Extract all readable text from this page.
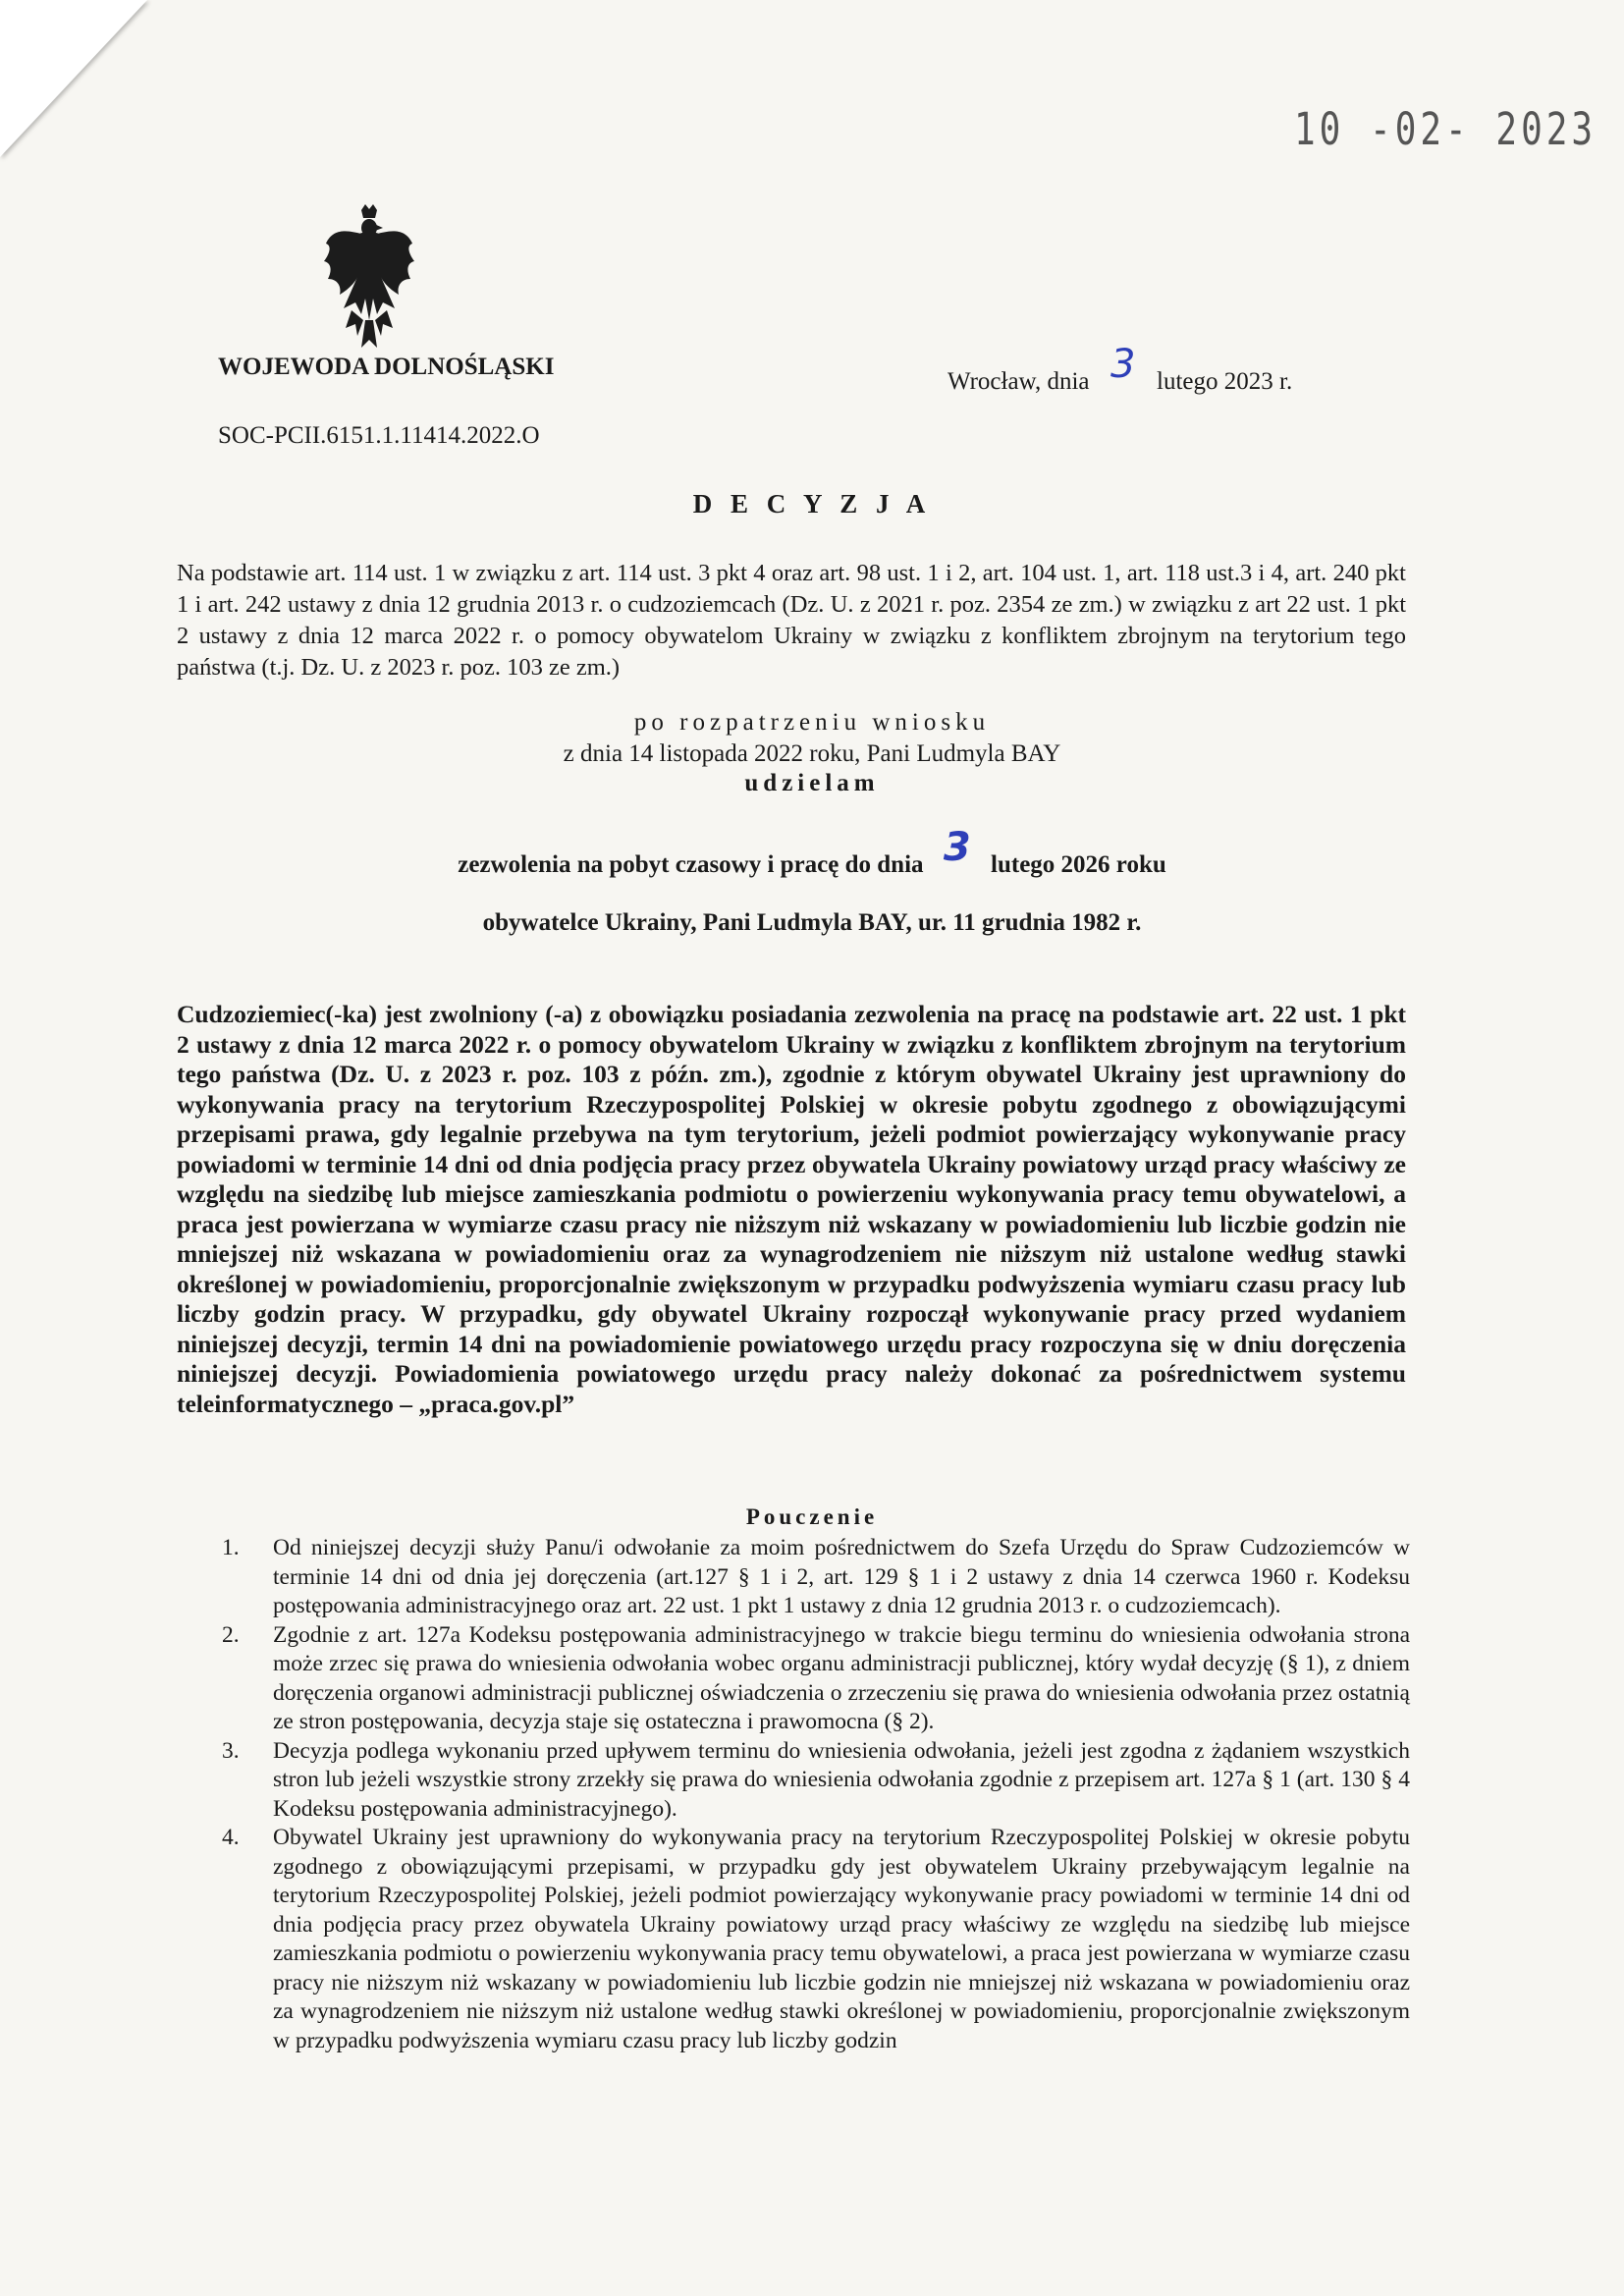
10 -02- 2023
WOJEWODA DOLNOŚLĄSKI
Wrocław, dnia 3 lutego 2023 r.
SOC-PCII.6151.1.11414.2022.O
D E C Y Z J A
Na podstawie art. 114 ust. 1 w związku z art. 114 ust. 3 pkt 4 oraz art. 98 ust. 1 i 2, art. 104 ust. 1, art. 118 ust.3 i 4, art. 240 pkt 1 i art. 242 ustawy z dnia 12 grudnia 2013 r. o cudzoziemcach (Dz. U. z 2021 r. poz. 2354 ze zm.) w związku z art 22 ust. 1 pkt 2 ustawy z dnia 12 marca 2022 r. o pomocy obywatelom Ukrainy w związku z konfliktem zbrojnym na terytorium tego państwa (t.j. Dz. U. z 2023 r. poz. 103 ze zm.)
po rozpatrzeniu wniosku
z dnia 14 listopada 2022 roku, Pani Ludmyla BAY
udzielam
zezwolenia na pobyt czasowy i pracę do dnia 3 lutego 2026 roku
obywatelce Ukrainy, Pani Ludmyla BAY, ur. 11 grudnia 1982 r.
Cudzoziemiec(-ka) jest zwolniony (-a) z obowiązku posiadania zezwolenia na pracę na podstawie art. 22 ust. 1 pkt 2 ustawy z dnia 12 marca 2022 r. o pomocy obywatelom Ukrainy w związku z konfliktem zbrojnym na terytorium tego państwa (Dz. U. z 2023 r. poz. 103 z późn. zm.), zgodnie z którym obywatel Ukrainy jest uprawniony do wykonywania pracy na terytorium Rzeczypospolitej Polskiej w okresie pobytu zgodnego z obowiązującymi przepisami prawa, gdy legalnie przebywa na tym terytorium, jeżeli podmiot powierzający wykonywanie pracy powiadomi w terminie 14 dni od dnia podjęcia pracy przez obywatela Ukrainy powiatowy urząd pracy właściwy ze względu na siedzibę lub miejsce zamieszkania podmiotu o powierzeniu wykonywania pracy temu obywatelowi, a praca jest powierzana w wymiarze czasu pracy nie niższym niż wskazany w powiadomieniu lub liczbie godzin nie mniejszej niż wskazana w powiadomieniu oraz za wynagrodzeniem nie niższym niż ustalone według stawki określonej w powiadomieniu, proporcjonalnie zwiększonym w przypadku podwyższenia wymiaru czasu pracy lub liczby godzin pracy. W przypadku, gdy obywatel Ukrainy rozpoczął wykonywanie pracy przed wydaniem niniejszej decyzji, termin 14 dni na powiadomienie powiatowego urzędu pracy rozpoczyna się w dniu doręczenia niniejszej decyzji. Powiadomienia powiatowego urzędu pracy należy dokonać za pośrednictwem systemu teleinformatycznego – „praca.gov.pl”
Pouczenie
1. Od niniejszej decyzji służy Panu/i odwołanie za moim pośrednictwem do Szefa Urzędu do Spraw Cudzoziemców w terminie 14 dni od dnia jej doręczenia (art.127 § 1 i 2, art. 129 § 1 i 2 ustawy z dnia 14 czerwca 1960 r. Kodeksu postępowania administracyjnego oraz art. 22 ust. 1 pkt 1 ustawy z dnia 12 grudnia 2013 r. o cudzoziemcach).
2. Zgodnie z art. 127a Kodeksu postępowania administracyjnego w trakcie biegu terminu do wniesienia odwołania strona może zrzec się prawa do wniesienia odwołania wobec organu administracji publicznej, który wydał decyzję (§ 1), z dniem doręczenia organowi administracji publicznej oświadczenia o zrzeczeniu się prawa do wniesienia odwołania przez ostatnią ze stron postępowania, decyzja staje się ostateczna i prawomocna (§ 2).
3. Decyzja podlega wykonaniu przed upływem terminu do wniesienia odwołania, jeżeli jest zgodna z żądaniem wszystkich stron lub jeżeli wszystkie strony zrzekły się prawa do wniesienia odwołania zgodnie z przepisem art. 127a § 1 (art. 130 § 4 Kodeksu postępowania administracyjnego).
4. Obywatel Ukrainy jest uprawniony do wykonywania pracy na terytorium Rzeczypospolitej Polskiej w okresie pobytu zgodnego z obowiązującymi przepisami, w przypadku gdy jest obywatelem Ukrainy przebywającym legalnie na terytorium Rzeczypospolitej Polskiej, jeżeli podmiot powierzający wykonywanie pracy powiadomi w terminie 14 dni od dnia podjęcia pracy przez obywatela Ukrainy powiatowy urząd pracy właściwy ze względu na siedzibę lub miejsce zamieszkania podmiotu o powierzeniu wykonywania pracy temu obywatelowi, a praca jest powierzana w wymiarze czasu pracy nie niższym niż wskazany w powiadomieniu lub liczbie godzin nie mniejszej niż wskazana w powiadomieniu oraz za wynagrodzeniem nie niższym niż ustalone według stawki określonej w powiadomieniu, proporcjonalnie zwiększonym w przypadku podwyższenia wymiaru czasu pracy lub liczby godzin
